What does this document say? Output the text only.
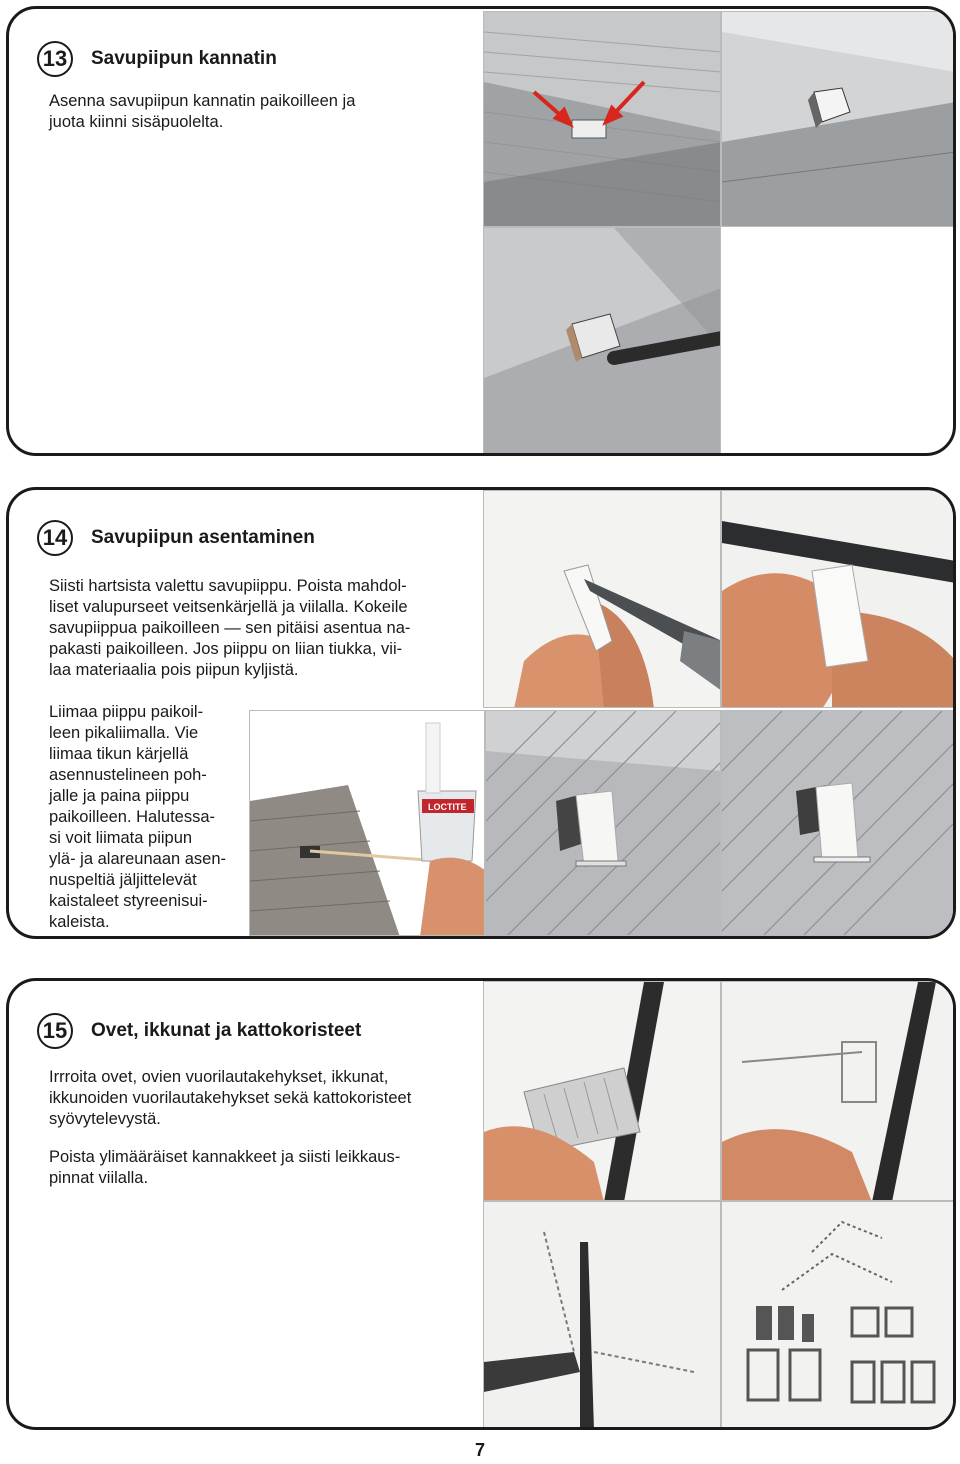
13	Savupiipun kannatin
Asenna savupiipun kannatin paikoilleen ja
juota kiinni sisäpuolelta.
14	Savupiipun asentaminen
Siisti hartsista valettu savupiippu. Poista mahdol-
liset valupurseet veitsenkärjellä ja viilalla. Kokeile
savupiippua paikoilleen — sen pitäisi asentua na-
pakasti paikoilleen. Jos piippu on liian tiukka, vii-
laa materiaalia pois piipun kyljistä.
Liimaa piippu paikoil-
leen pikaliimalla. Vie
liimaa tikun kärjellä
asennustelineen poh-
jalle ja paina piippu
paikoilleen. Halutessa-
si voit liimata piipun
ylä- ja alareunaan asen-
nuspeltiä jäljittelevät
kaistaleet styreenisui-
kaleista.
LOCTITE
15	Ovet, ikkunat ja kattokoristeet
Irrroita ovet, ovien vuorilautakehykset, ikkunat,
ikkunoiden vuorilautakehykset sekä kattokoristeet
syövytelevystä.
Poista ylimääräiset kannakkeet ja siisti leikkaus-
pinnat viilalla.
7
